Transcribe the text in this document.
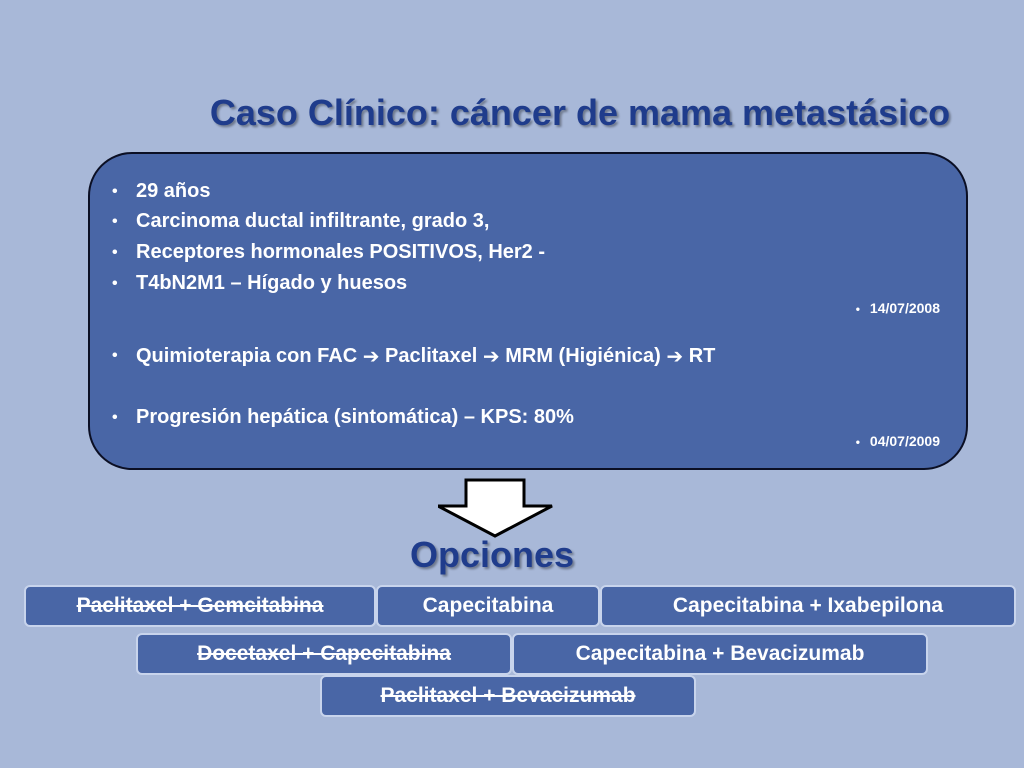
Caso Clínico: cáncer de mama metastásico
• 29 años
• Carcinoma ductal infiltrante, grado 3,
• Receptores hormonales POSITIVOS, Her2 -
• T4bN2M1 – Hígado y huesos
• 14/07/2008
• Quimioterapia con FAC
➔
Paclitaxel
➔
MRM (Higiénica)
➔
RT
• Progresión hepática (sintomática) – KPS: 80%
• 04/07/2009
Opciones
Paclitaxel + Gemcitabina	Capecitabina	Capecitabina + Ixabepilona
Docetaxel + Capecitabina	Capecitabina + Bevacizumab
Paclitaxel + Bevacizumab
